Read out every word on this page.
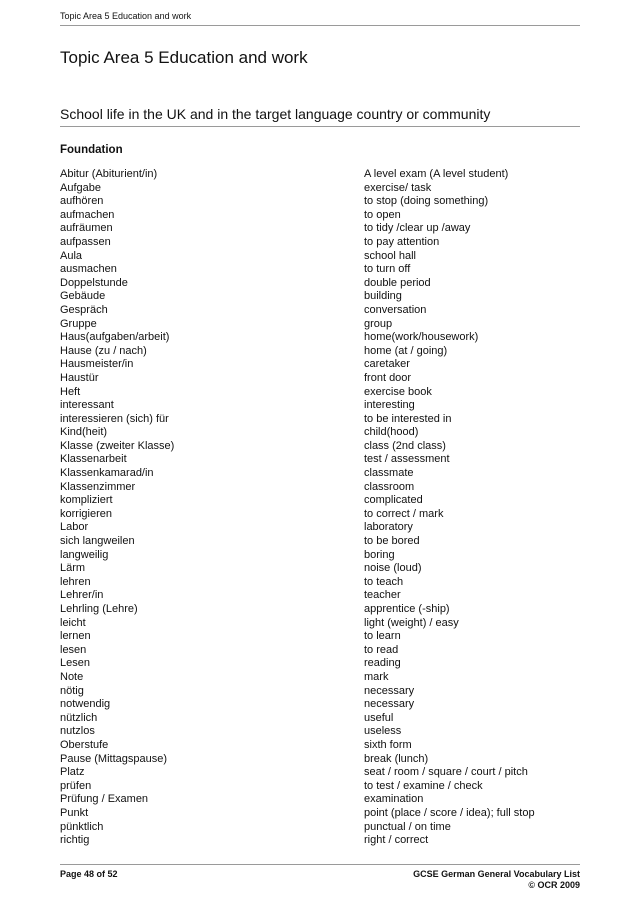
Topic Area 5 Education and work
Topic Area 5 Education and work
School life in the UK and in the target language country or community
Foundation
Abitur (Abiturient/in)	A level exam (A level student)
Aufgabe	exercise/ task
aufhören	to stop (doing something)
aufmachen	to open
aufräumen	to tidy /clear up /away
aufpassen	to pay attention
Aula	school hall
ausmachen	to turn off
Doppelstunde	double period
Gebäude	building
Gespräch	conversation
Gruppe	group
Haus(aufgaben/arbeit)	home(work/housework)
Hause (zu / nach)	home (at / going)
Hausmeister/in	caretaker
Haustür	front door
Heft	exercise book
interessant	interesting
interessieren (sich) für	to be interested in
Kind(heit)	child(hood)
Klasse (zweiter Klasse)	class (2nd class)
Klassenarbeit	test / assessment
Klassenkamarad/in	classmate
Klassenzimmer	classroom
kompliziert	complicated
korrigieren	to correct / mark
Labor	laboratory
sich langweilen	to be bored
langweilig	boring
Lärm	noise (loud)
lehren	to teach
Lehrer/in	teacher
Lehrling (Lehre)	apprentice (-ship)
leicht	light (weight) / easy
lernen	to learn
lesen	to read
Lesen	reading
Note	mark
nötig	necessary
notwendig	necessary
nützlich	useful
nutzlos	useless
Oberstufe	sixth form
Pause (Mittagspause)	break (lunch)
Platz	seat / room / square / court / pitch
prüfen	to test / examine / check
Prüfung / Examen	examination
Punkt	point (place / score / idea); full stop
pünktlich	punctual / on time
richtig	right / correct
Page 48 of 52	GCSE German General Vocabulary List
© OCR 2009
